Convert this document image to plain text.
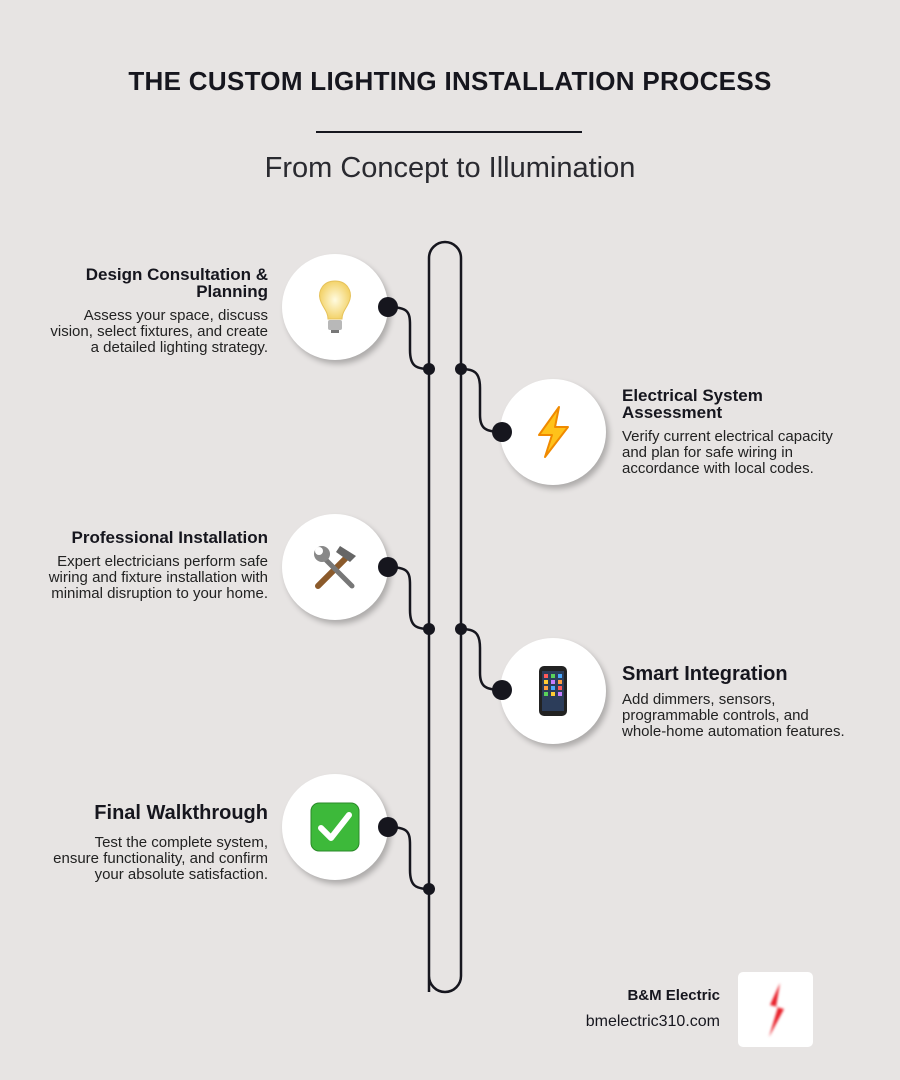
THE CUSTOM LIGHTING INSTALLATION PROCESS
From Concept to Illumination
Design Consultation & Planning

Assess your space, discuss vision, select fixtures, and create a detailed lighting strategy.

Electrical System Assessment

Verify current electrical capacity and plan for safe wiring in accordance with local codes.

Professional Installation

Expert electricians perform safe wiring and fixture installation with minimal disruption to your home.

Smart Integration

Add dimmers, sensors, programmable controls, and whole-home automation features.

Final Walkthrough

Test the complete system, ensure functionality, and confirm your absolute satisfaction.

B&M Electric
bmelectric310.com
